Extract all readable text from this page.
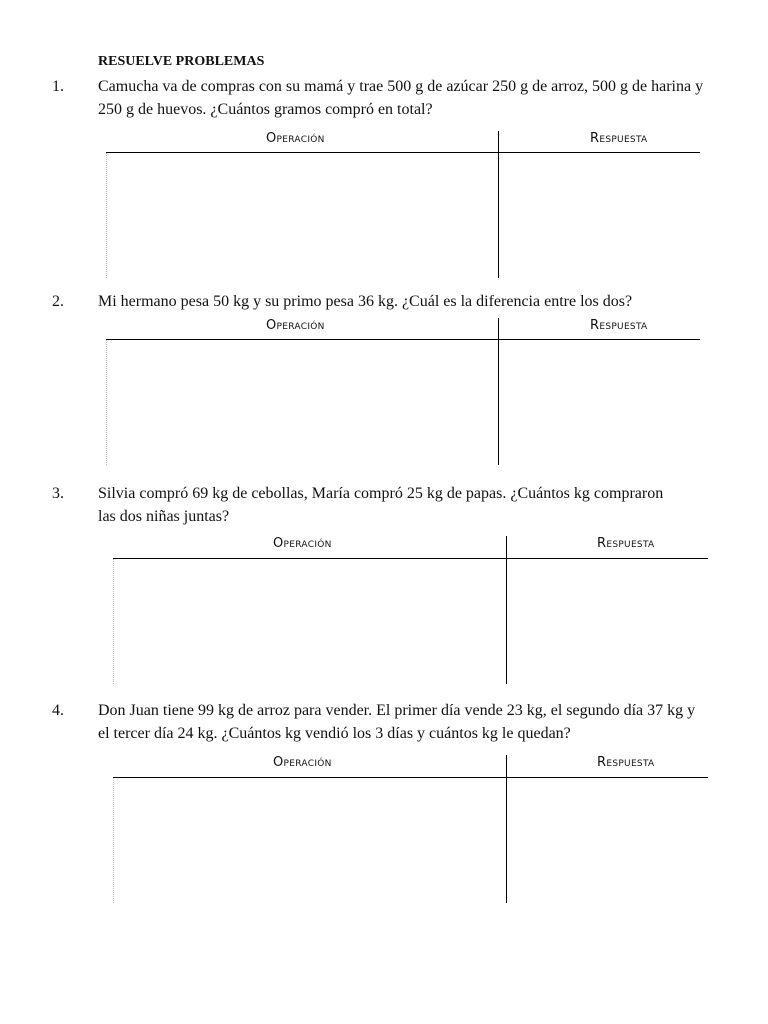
RESUELVE PROBLEMAS
1. Camucha va de compras con su mamá y trae 500 g de azúcar 250 g de arroz, 500 g de harina y 250 g de huevos. ¿Cuántos gramos compró en total?
Operación	Respuesta
2. Mi hermano pesa 50 kg y su primo pesa 36 kg. ¿Cuál es la diferencia entre los dos?
Operación	Respuesta
3. Silvia compró 69 kg de cebollas, María compró 25 kg de papas. ¿Cuántos kg compraron las dos niñas juntas?
Operación	Respuesta
4. Don Juan tiene 99 kg de arroz para vender. El primer día vende 23 kg, el segundo día 37 kg y el tercer día 24 kg. ¿Cuántos kg vendió los 3 días y cuántos kg le quedan?
Operación	Respuesta
